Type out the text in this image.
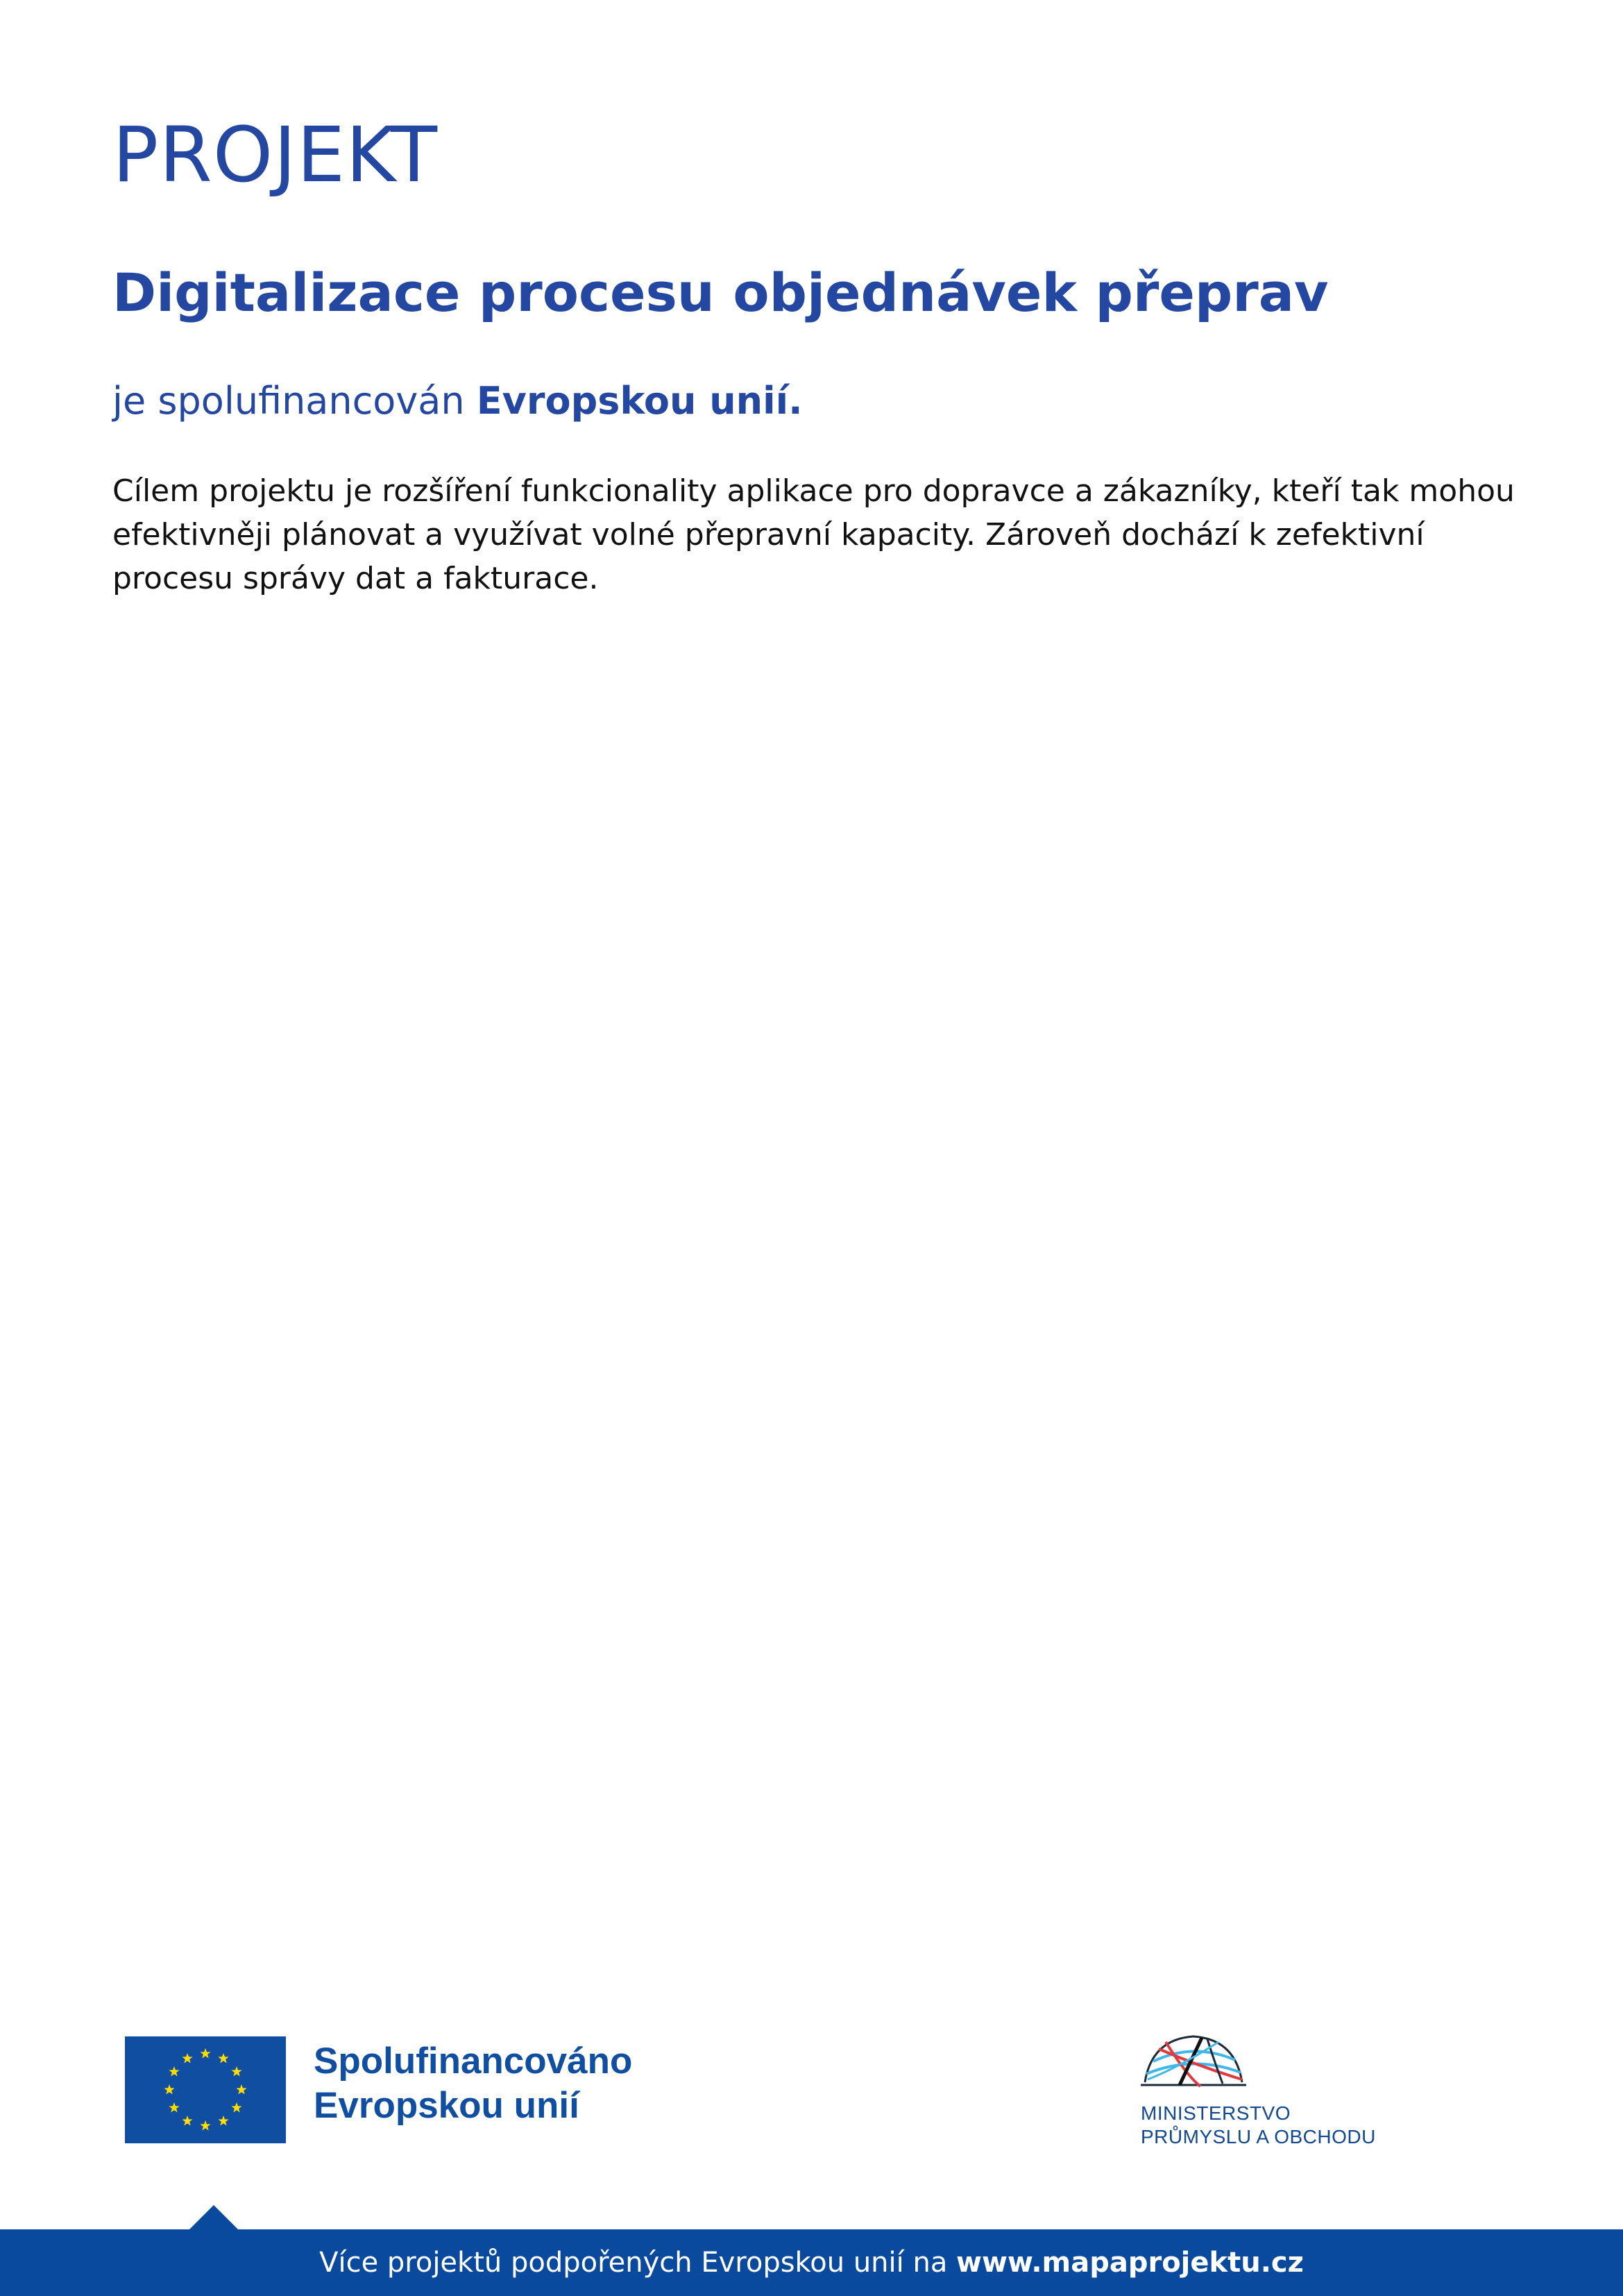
PROJEKT
Digitalizace procesu objednávek přeprav
je spolufinancován Evropskou unií.
Cílem projektu je rozšíření funkcionality aplikace pro dopravce a zákazníky, kteří tak mohou efektivněji plánovat a využívat volné přepravní kapacity. Zároveň dochází k zefektivní procesu správy dat a fakturace.
Spolufinancováno
Evropskou unií	MINISTERSTVO
PRŮMYSLU A OBCHODU
Více projektů podpořených Evropskou unií na www.mapaprojektu.cz
